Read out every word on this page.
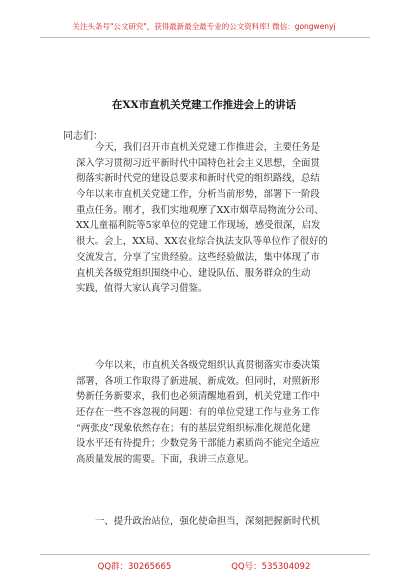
关注头条号"公文研究"，获得最新最全最专业的公文资料库! 微信：gongwenyj
在XX市直机关党建工作推进会上的讲话
同志们：
今天，我们召开市直机关党建工作推进会，主要任务是
深入学习贯彻习近平新时代中国特色社会主义思想，全面贯
彻落实新时代党的建设总要求和新时代党的组织路线，总结
今年以来市直机关党建工作，分析当前形势，部署下一阶段
重点任务。刚才，我们实地观摩了XX市烟草局物流分公司、
XX儿童福利院等5家单位的党建工作现场，感受很深，启发
很大。会上，XX局、XX农业综合执法支队等单位作了很好的
交流发言，分享了宝贵经验。这些经验做法，集中体现了市
直机关各级党组织围绕中心、建设队伍、服务群众的生动
实践，值得大家认真学习借鉴。
今年以来，市直机关各级党组织认真贯彻落实市委决策
部署，各项工作取得了新进展、新成效。但同时，对照新形
势新任务新要求，我们也必须清醒地看到，机关党建工作中
还存在一些不容忽视的问题：有的单位党建工作与业务工作
“两张皮”现象依然存在；有的基层党组织标准化规范化建
设水平还有待提升；少数党务干部能力素质尚不能完全适应
高质量发展的需要。下面，我讲三点意见。
一、提升政治站位，强化使命担当，深刻把握新时代机
QQ群：30265665	QQ号：535304092
